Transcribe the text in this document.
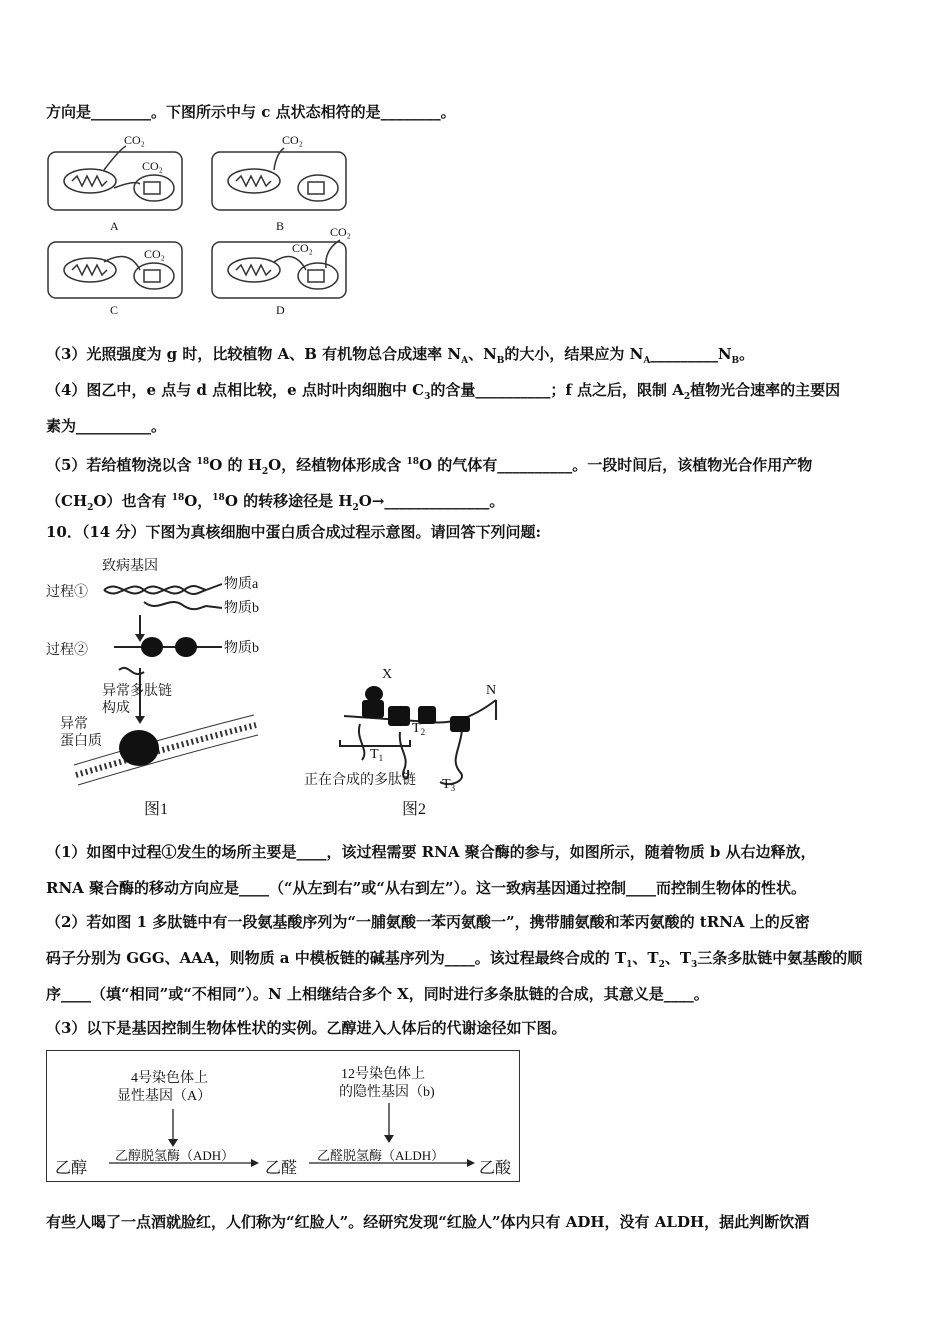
方向是________。下图所示中与 c 点状态相符的是________。
CO₂
CO₂
CO₂
CO₂	CO₂
CO₂
A	B
C	D
（3）光照强度为 g 时，比较植物 A、B 有机物总合成速率 $N_A$、$N_B$的大小，结果应为 $N_A\_\_\_\_\_\_\_\_\_N_B$。
（4）图乙中，e 点与 d 点相比较，e 点时叶肉细胞中 $C_3$的含量__________；f 点之后，限制 $A_2$植物光合速率的主要因
素为__________。
（5）若给植物浇以含 $^{18}$O 的 $H_2O$，经植物体形成含 $^{18}$O 的气体有__________。一段时间后，该植物光合作用产物
$(CH_2O)$也含有 $^{18}$O，$^{18}$O 的转移途径是 $H_2O\to\_\_\_\_\_\_\_\_\_\_\_\_\_\_$。
10．（14 分）下图为真核细胞中蛋白质合成过程示意图。请回答下列问题:
致病基因
过程①
物质a
物质b
过程②	物质b
异常多肽链
构成
异常
蛋白质
图1
X
N
$T_1$
$T_2$
$T_3$
正在合成的多肽链
图2
（1）如图中过程①发生的场所主要是____，该过程需要 RNA 聚合酶的参与，如图所示，随着物质 b 从右边释放，
RNA 聚合酶的移动方向应是____（“从左到右”或“从右到左”）。这一致病基因通过控制____而控制生物体的性状。
（2）若如图 1 多肽链中有一段氨基酸序列为“一脯氨酸一苯丙氨酸一”，携带脯氨酸和苯丙氨酸的 tRNA 上的反密
码子分别为 GGG、AAA，则物质 a 中模板链的碱基序列为____。该过程最终合成的 $T_1$、$T_2$、$T_3$三条多肽链中氨基酸的顺
序____（填“相同”或“不相同”）。N 上相继结合多个 X，同时进行多条肽链的合成，其意义是____。
（3）以下是基因控制生物体性状的实例。乙醇进入人体后的代谢途径如下图。
4号染色体上
显性基因（A）
12号染色体上
的隐性基因（b)
乙醇
乙醇脱氢酶（ADH）
乙醛
乙醛脱氢酶（ALDH）
乙酸
有些人喝了一点酒就脸红，人们称为“红脸人”。经研究发现“红脸人”体内只有 ADH，没有 ALDH，据此判断饮酒
